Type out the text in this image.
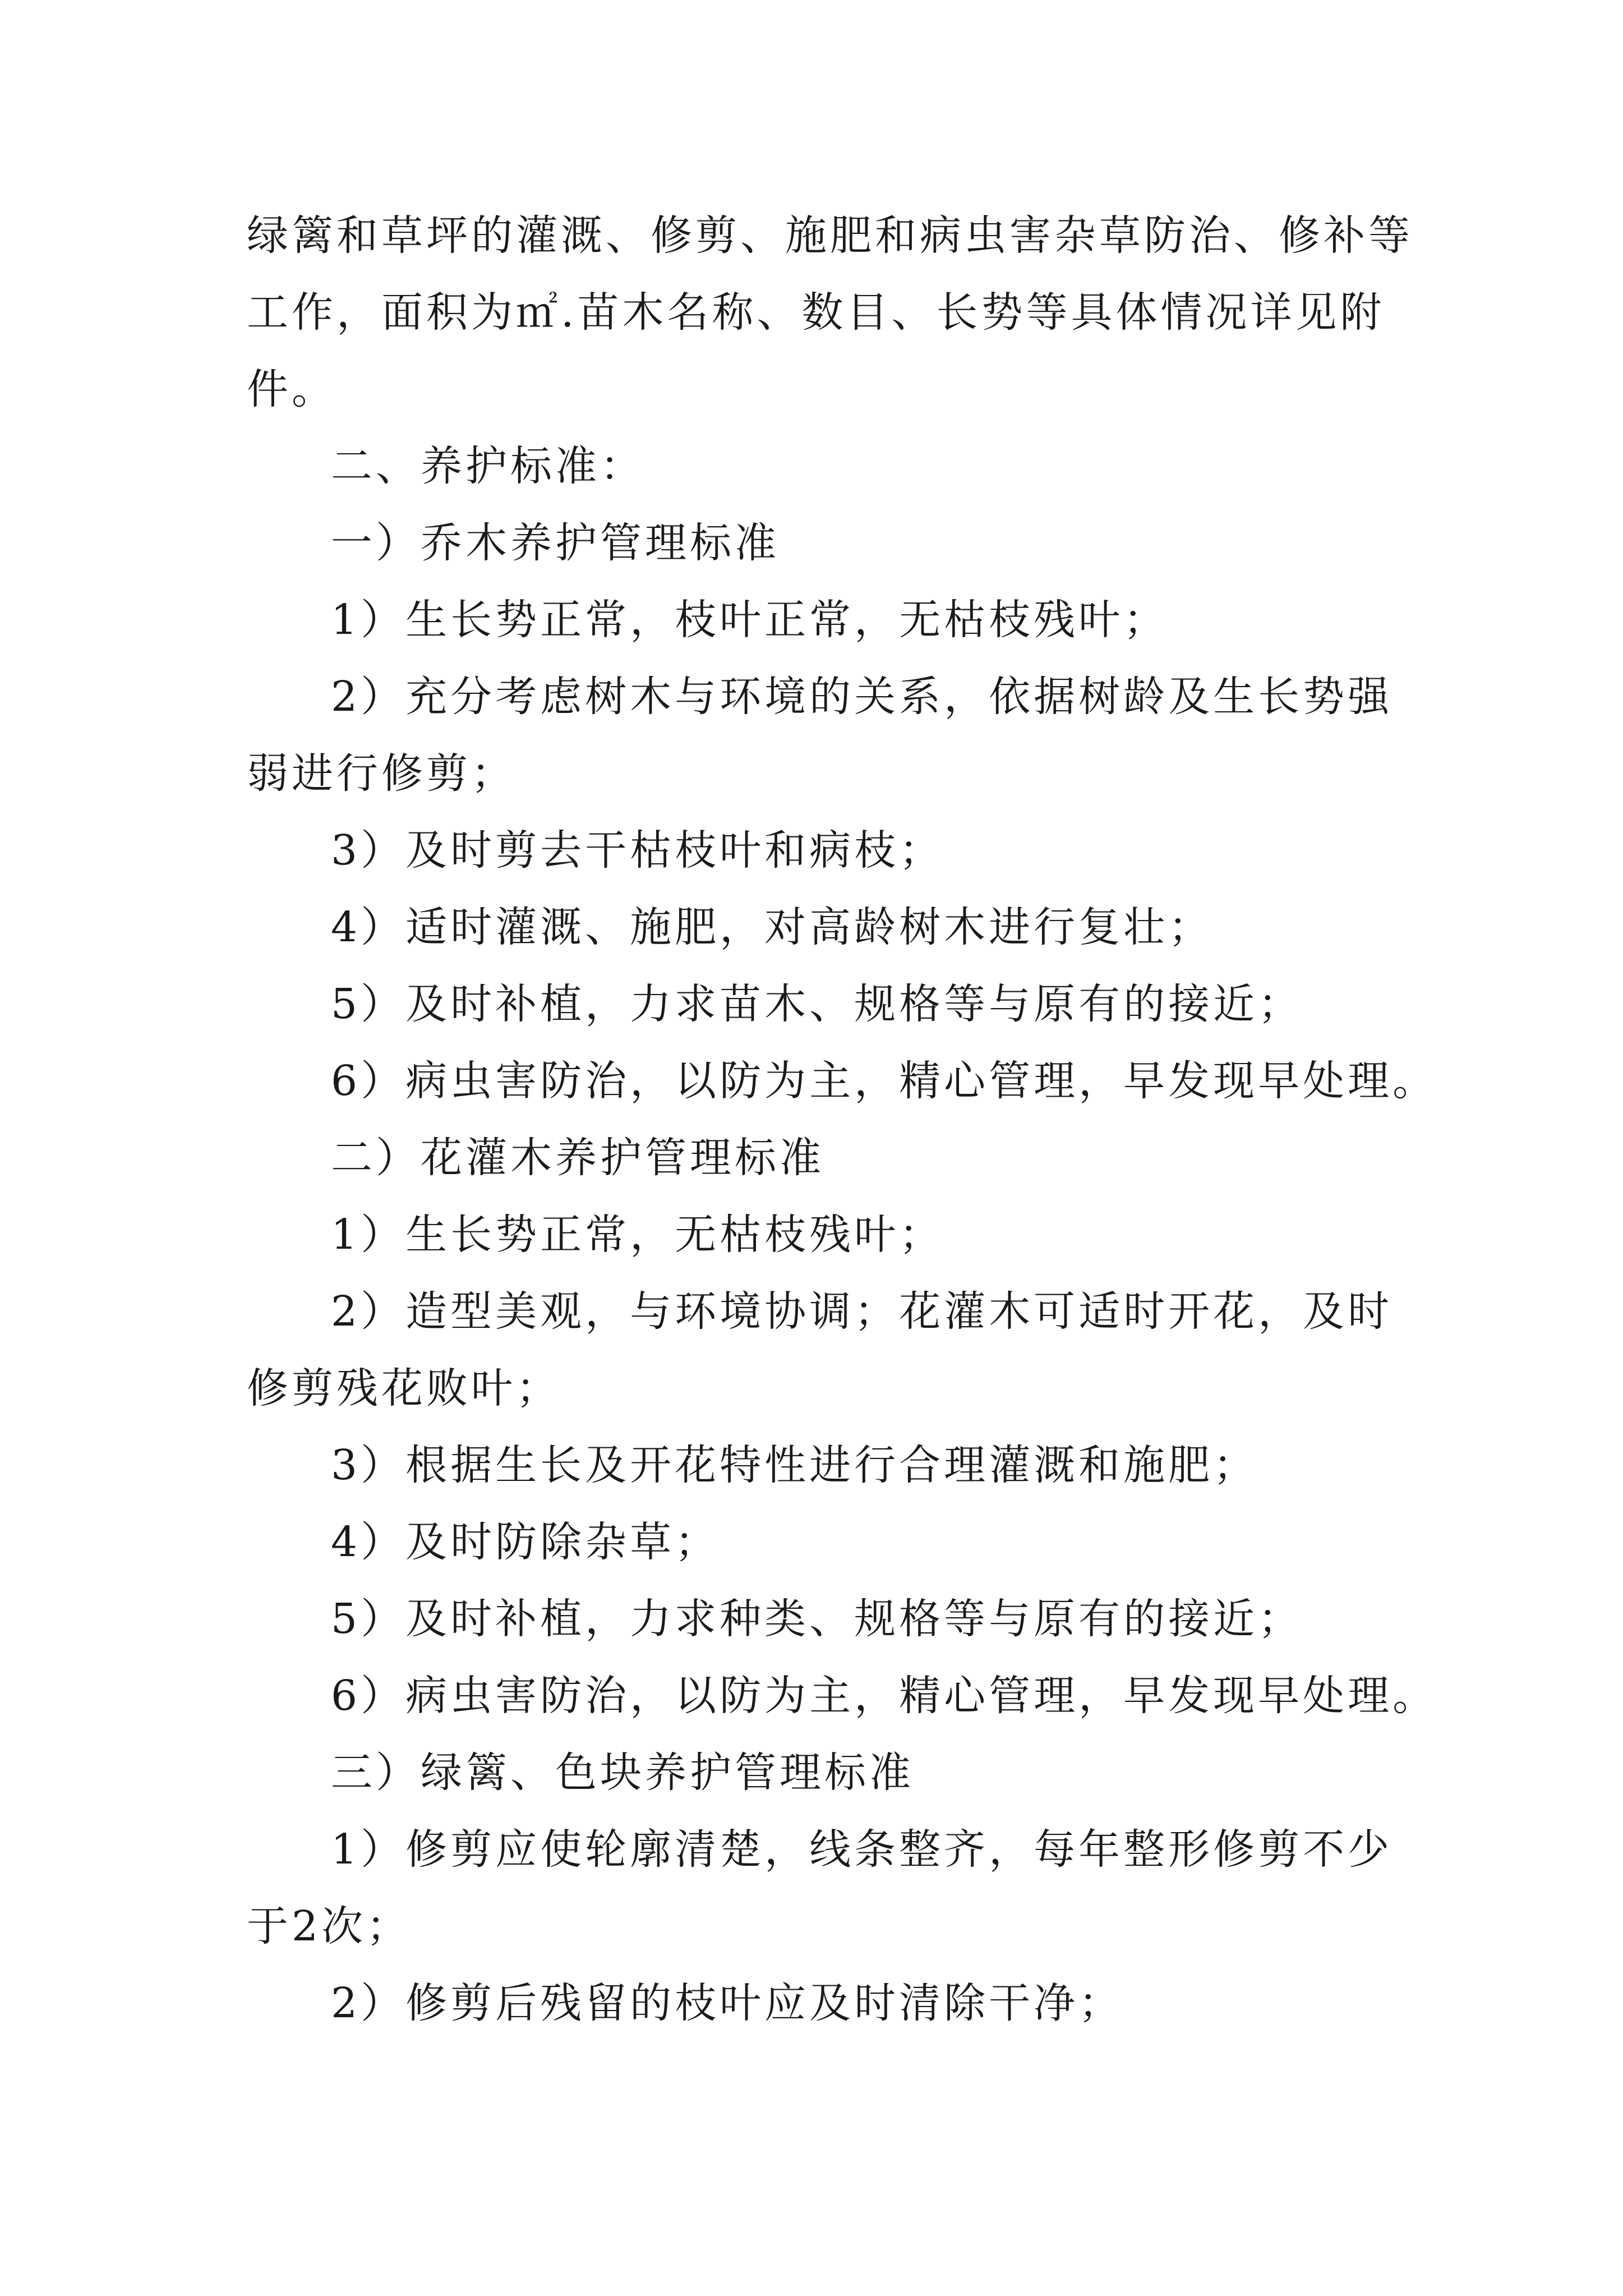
绿篱和草坪的灌溉、修剪、施肥和病虫害杂草防治、修补等
工作，面积为㎡.苗木名称、数目、长势等具体情况详见附
件。
二、养护标准：
一）乔木养护管理标准
1）生长势正常，枝叶正常，无枯枝残叶；
2）充分考虑树木与环境的关系，依据树龄及生长势强
弱进行修剪；
3）及时剪去干枯枝叶和病枝；
4）适时灌溉、施肥，对高龄树木进行复壮；
5）及时补植，力求苗木、规格等与原有的接近；
6）病虫害防治，以防为主，精心管理，早发现早处理。
二）花灌木养护管理标准
1）生长势正常，无枯枝残叶；
2）造型美观，与环境协调；花灌木可适时开花，及时
修剪残花败叶；
3）根据生长及开花特性进行合理灌溉和施肥；
4）及时防除杂草；
5）及时补植，力求种类、规格等与原有的接近；
6）病虫害防治，以防为主，精心管理，早发现早处理。
三）绿篱、色块养护管理标准
1）修剪应使轮廓清楚，线条整齐，每年整形修剪不少
于2次；
2）修剪后残留的枝叶应及时清除干净；
